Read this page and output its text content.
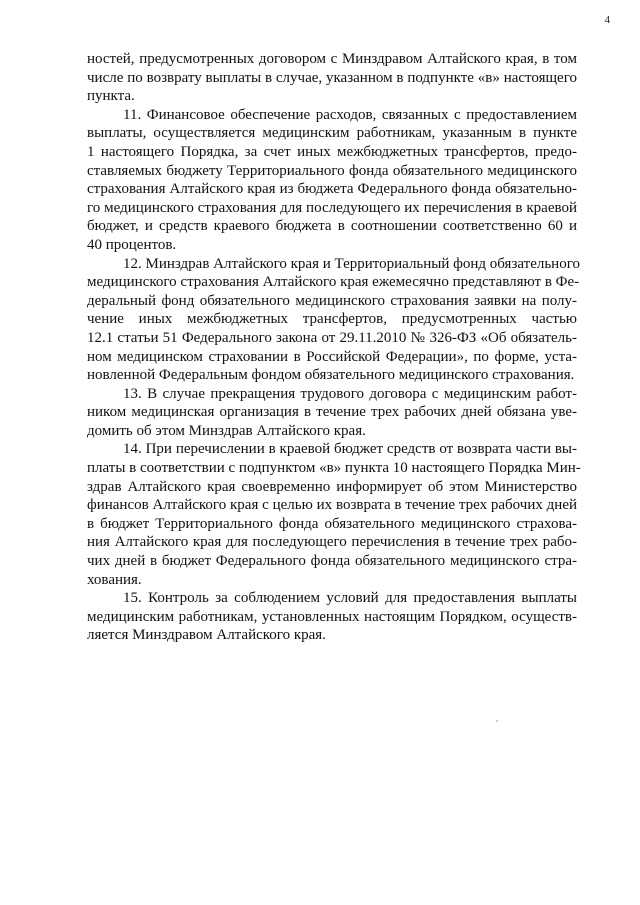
4

ностей, предусмотренных договором с Минздравом Алтайского края, в том
числе по возврату выплаты в случае, указанном в подпункте «в» настоящего
пункта.

11. Финансовое обеспечение расходов, связанных с предоставлением
выплаты, осуществляется медицинским работникам, указанным в пункте
1 настоящего Порядка, за счет иных межбюджетных трансфертов, предо-
ставляемых бюджету Территориального фонда обязательного медицинского
страхования Алтайского края из бюджета Федерального фонда обязательно-
го медицинского страхования для последующего их перечисления в краевой
бюджет, и средств краевого бюджета в соотношении соответственно 60 и
40 процентов.

12. Минздрав Алтайского края и Территориальный фонд обязательного
медицинского страхования Алтайского края ежемесячно представляют в Фе-
деральный фонд обязательного медицинского страхования заявки на полу-
чение иных межбюджетных трансфертов, предусмотренных частью
12.1 статьи 51 Федерального закона от 29.11.2010 № 326-ФЗ «Об обязатель-
ном медицинском страховании в Российской Федерации», по форме, уста-
новленной Федеральным фондом обязательного медицинского страхования.

13. В случае прекращения трудового договора с медицинским работ-
ником медицинская организация в течение трех рабочих дней обязана уве-
домить об этом Минздрав Алтайского края.

14. При перечислении в краевой бюджет средств от возврата части вы-
платы в соответствии с подпунктом «в» пункта 10 настоящего Порядка Мин-
здрав Алтайского края своевременно информирует об этом Министерство
финансов Алтайского края с целью их возврата в течение трех рабочих дней
в бюджет Территориального фонда обязательного медицинского страхова-
ния Алтайского края для последующего перечисления в течение трех рабо-
чих дней в бюджет Федерального фонда обязательного медицинского стра-
хования.

15. Контроль за соблюдением условий для предоставления выплаты
медицинским работникам, установленных настоящим Порядком, осуществ-
ляется Минздравом Алтайского края.
